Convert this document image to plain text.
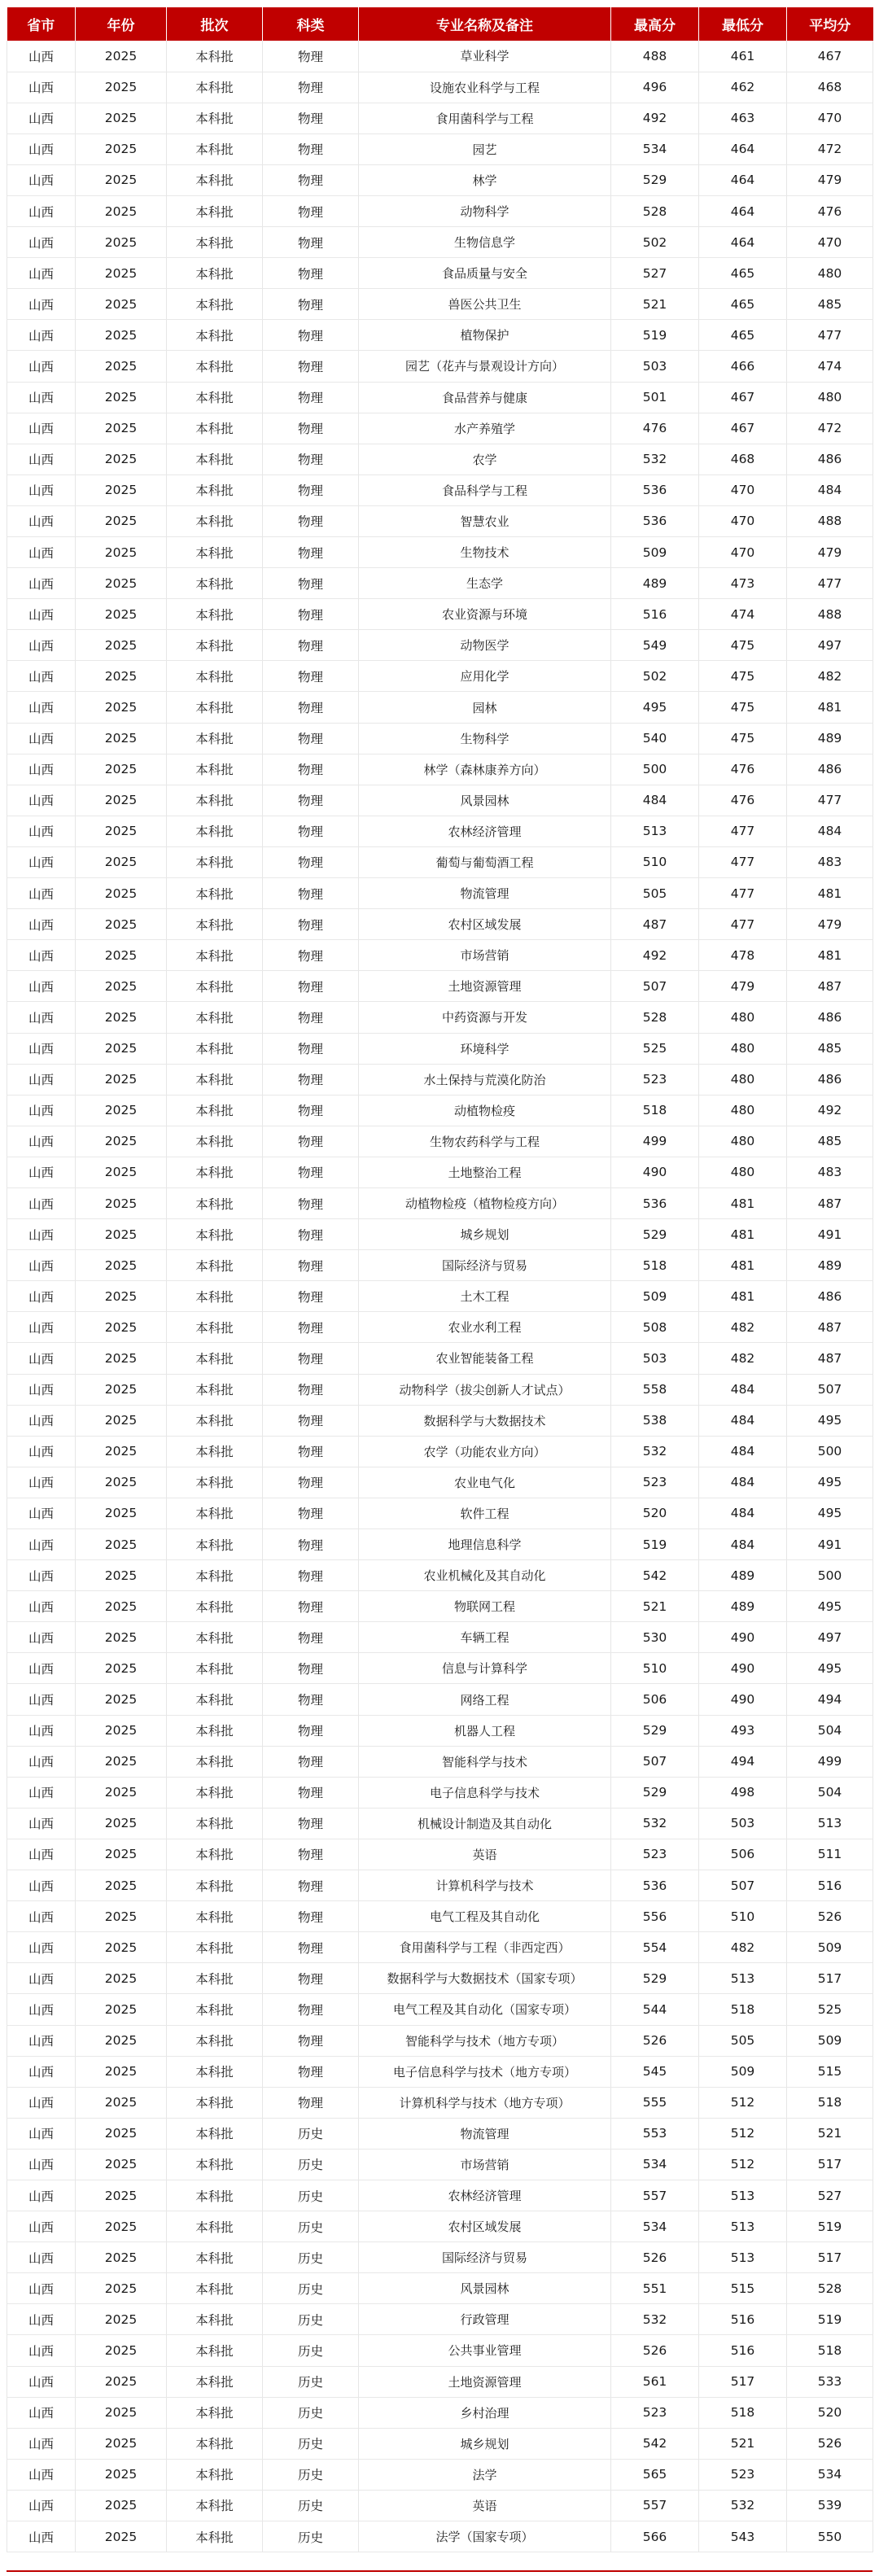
省市	年份	批次	科类	专业名称及备注	最高分	最低分	平均分
山西	2025	本科批	物理	草业科学	488	461	467
山西	2025	本科批	物理	设施农业科学与工程	496	462	468
山西	2025	本科批	物理	食用菌科学与工程	492	463	470
山西	2025	本科批	物理	园艺	534	464	472
山西	2025	本科批	物理	林学	529	464	479
山西	2025	本科批	物理	动物科学	528	464	476
山西	2025	本科批	物理	生物信息学	502	464	470
山西	2025	本科批	物理	食品质量与安全	527	465	480
山西	2025	本科批	物理	兽医公共卫生	521	465	485
山西	2025	本科批	物理	植物保护	519	465	477
山西	2025	本科批	物理	园艺（花卉与景观设计方向）	503	466	474
山西	2025	本科批	物理	食品营养与健康	501	467	480
山西	2025	本科批	物理	水产养殖学	476	467	472
山西	2025	本科批	物理	农学	532	468	486
山西	2025	本科批	物理	食品科学与工程	536	470	484
山西	2025	本科批	物理	智慧农业	536	470	488
山西	2025	本科批	物理	生物技术	509	470	479
山西	2025	本科批	物理	生态学	489	473	477
山西	2025	本科批	物理	农业资源与环境	516	474	488
山西	2025	本科批	物理	动物医学	549	475	497
山西	2025	本科批	物理	应用化学	502	475	482
山西	2025	本科批	物理	园林	495	475	481
山西	2025	本科批	物理	生物科学	540	475	489
山西	2025	本科批	物理	林学（森林康养方向）	500	476	486
山西	2025	本科批	物理	风景园林	484	476	477
山西	2025	本科批	物理	农林经济管理	513	477	484
山西	2025	本科批	物理	葡萄与葡萄酒工程	510	477	483
山西	2025	本科批	物理	物流管理	505	477	481
山西	2025	本科批	物理	农村区域发展	487	477	479
山西	2025	本科批	物理	市场营销	492	478	481
山西	2025	本科批	物理	土地资源管理	507	479	487
山西	2025	本科批	物理	中药资源与开发	528	480	486
山西	2025	本科批	物理	环境科学	525	480	485
山西	2025	本科批	物理	水土保持与荒漠化防治	523	480	486
山西	2025	本科批	物理	动植物检疫	518	480	492
山西	2025	本科批	物理	生物农药科学与工程	499	480	485
山西	2025	本科批	物理	土地整治工程	490	480	483
山西	2025	本科批	物理	动植物检疫（植物检疫方向）	536	481	487
山西	2025	本科批	物理	城乡规划	529	481	491
山西	2025	本科批	物理	国际经济与贸易	518	481	489
山西	2025	本科批	物理	土木工程	509	481	486
山西	2025	本科批	物理	农业水利工程	508	482	487
山西	2025	本科批	物理	农业智能装备工程	503	482	487
山西	2025	本科批	物理	动物科学（拔尖创新人才试点）	558	484	507
山西	2025	本科批	物理	数据科学与大数据技术	538	484	495
山西	2025	本科批	物理	农学（功能农业方向）	532	484	500
山西	2025	本科批	物理	农业电气化	523	484	495
山西	2025	本科批	物理	软件工程	520	484	495
山西	2025	本科批	物理	地理信息科学	519	484	491
山西	2025	本科批	物理	农业机械化及其自动化	542	489	500
山西	2025	本科批	物理	物联网工程	521	489	495
山西	2025	本科批	物理	车辆工程	530	490	497
山西	2025	本科批	物理	信息与计算科学	510	490	495
山西	2025	本科批	物理	网络工程	506	490	494
山西	2025	本科批	物理	机器人工程	529	493	504
山西	2025	本科批	物理	智能科学与技术	507	494	499
山西	2025	本科批	物理	电子信息科学与技术	529	498	504
山西	2025	本科批	物理	机械设计制造及其自动化	532	503	513
山西	2025	本科批	物理	英语	523	506	511
山西	2025	本科批	物理	计算机科学与技术	536	507	516
山西	2025	本科批	物理	电气工程及其自动化	556	510	526
山西	2025	本科批	物理	食用菌科学与工程（非西定西）	554	482	509
山西	2025	本科批	物理	数据科学与大数据技术（国家专项）	529	513	517
山西	2025	本科批	物理	电气工程及其自动化（国家专项）	544	518	525
山西	2025	本科批	物理	智能科学与技术（地方专项）	526	505	509
山西	2025	本科批	物理	电子信息科学与技术（地方专项）	545	509	515
山西	2025	本科批	物理	计算机科学与技术（地方专项）	555	512	518
山西	2025	本科批	历史	物流管理	553	512	521
山西	2025	本科批	历史	市场营销	534	512	517
山西	2025	本科批	历史	农林经济管理	557	513	527
山西	2025	本科批	历史	农村区域发展	534	513	519
山西	2025	本科批	历史	国际经济与贸易	526	513	517
山西	2025	本科批	历史	风景园林	551	515	528
山西	2025	本科批	历史	行政管理	532	516	519
山西	2025	本科批	历史	公共事业管理	526	516	518
山西	2025	本科批	历史	土地资源管理	561	517	533
山西	2025	本科批	历史	乡村治理	523	518	520
山西	2025	本科批	历史	城乡规划	542	521	526
山西	2025	本科批	历史	法学	565	523	534
山西	2025	本科批	历史	英语	557	532	539
山西	2025	本科批	历史	法学（国家专项）	566	543	550
